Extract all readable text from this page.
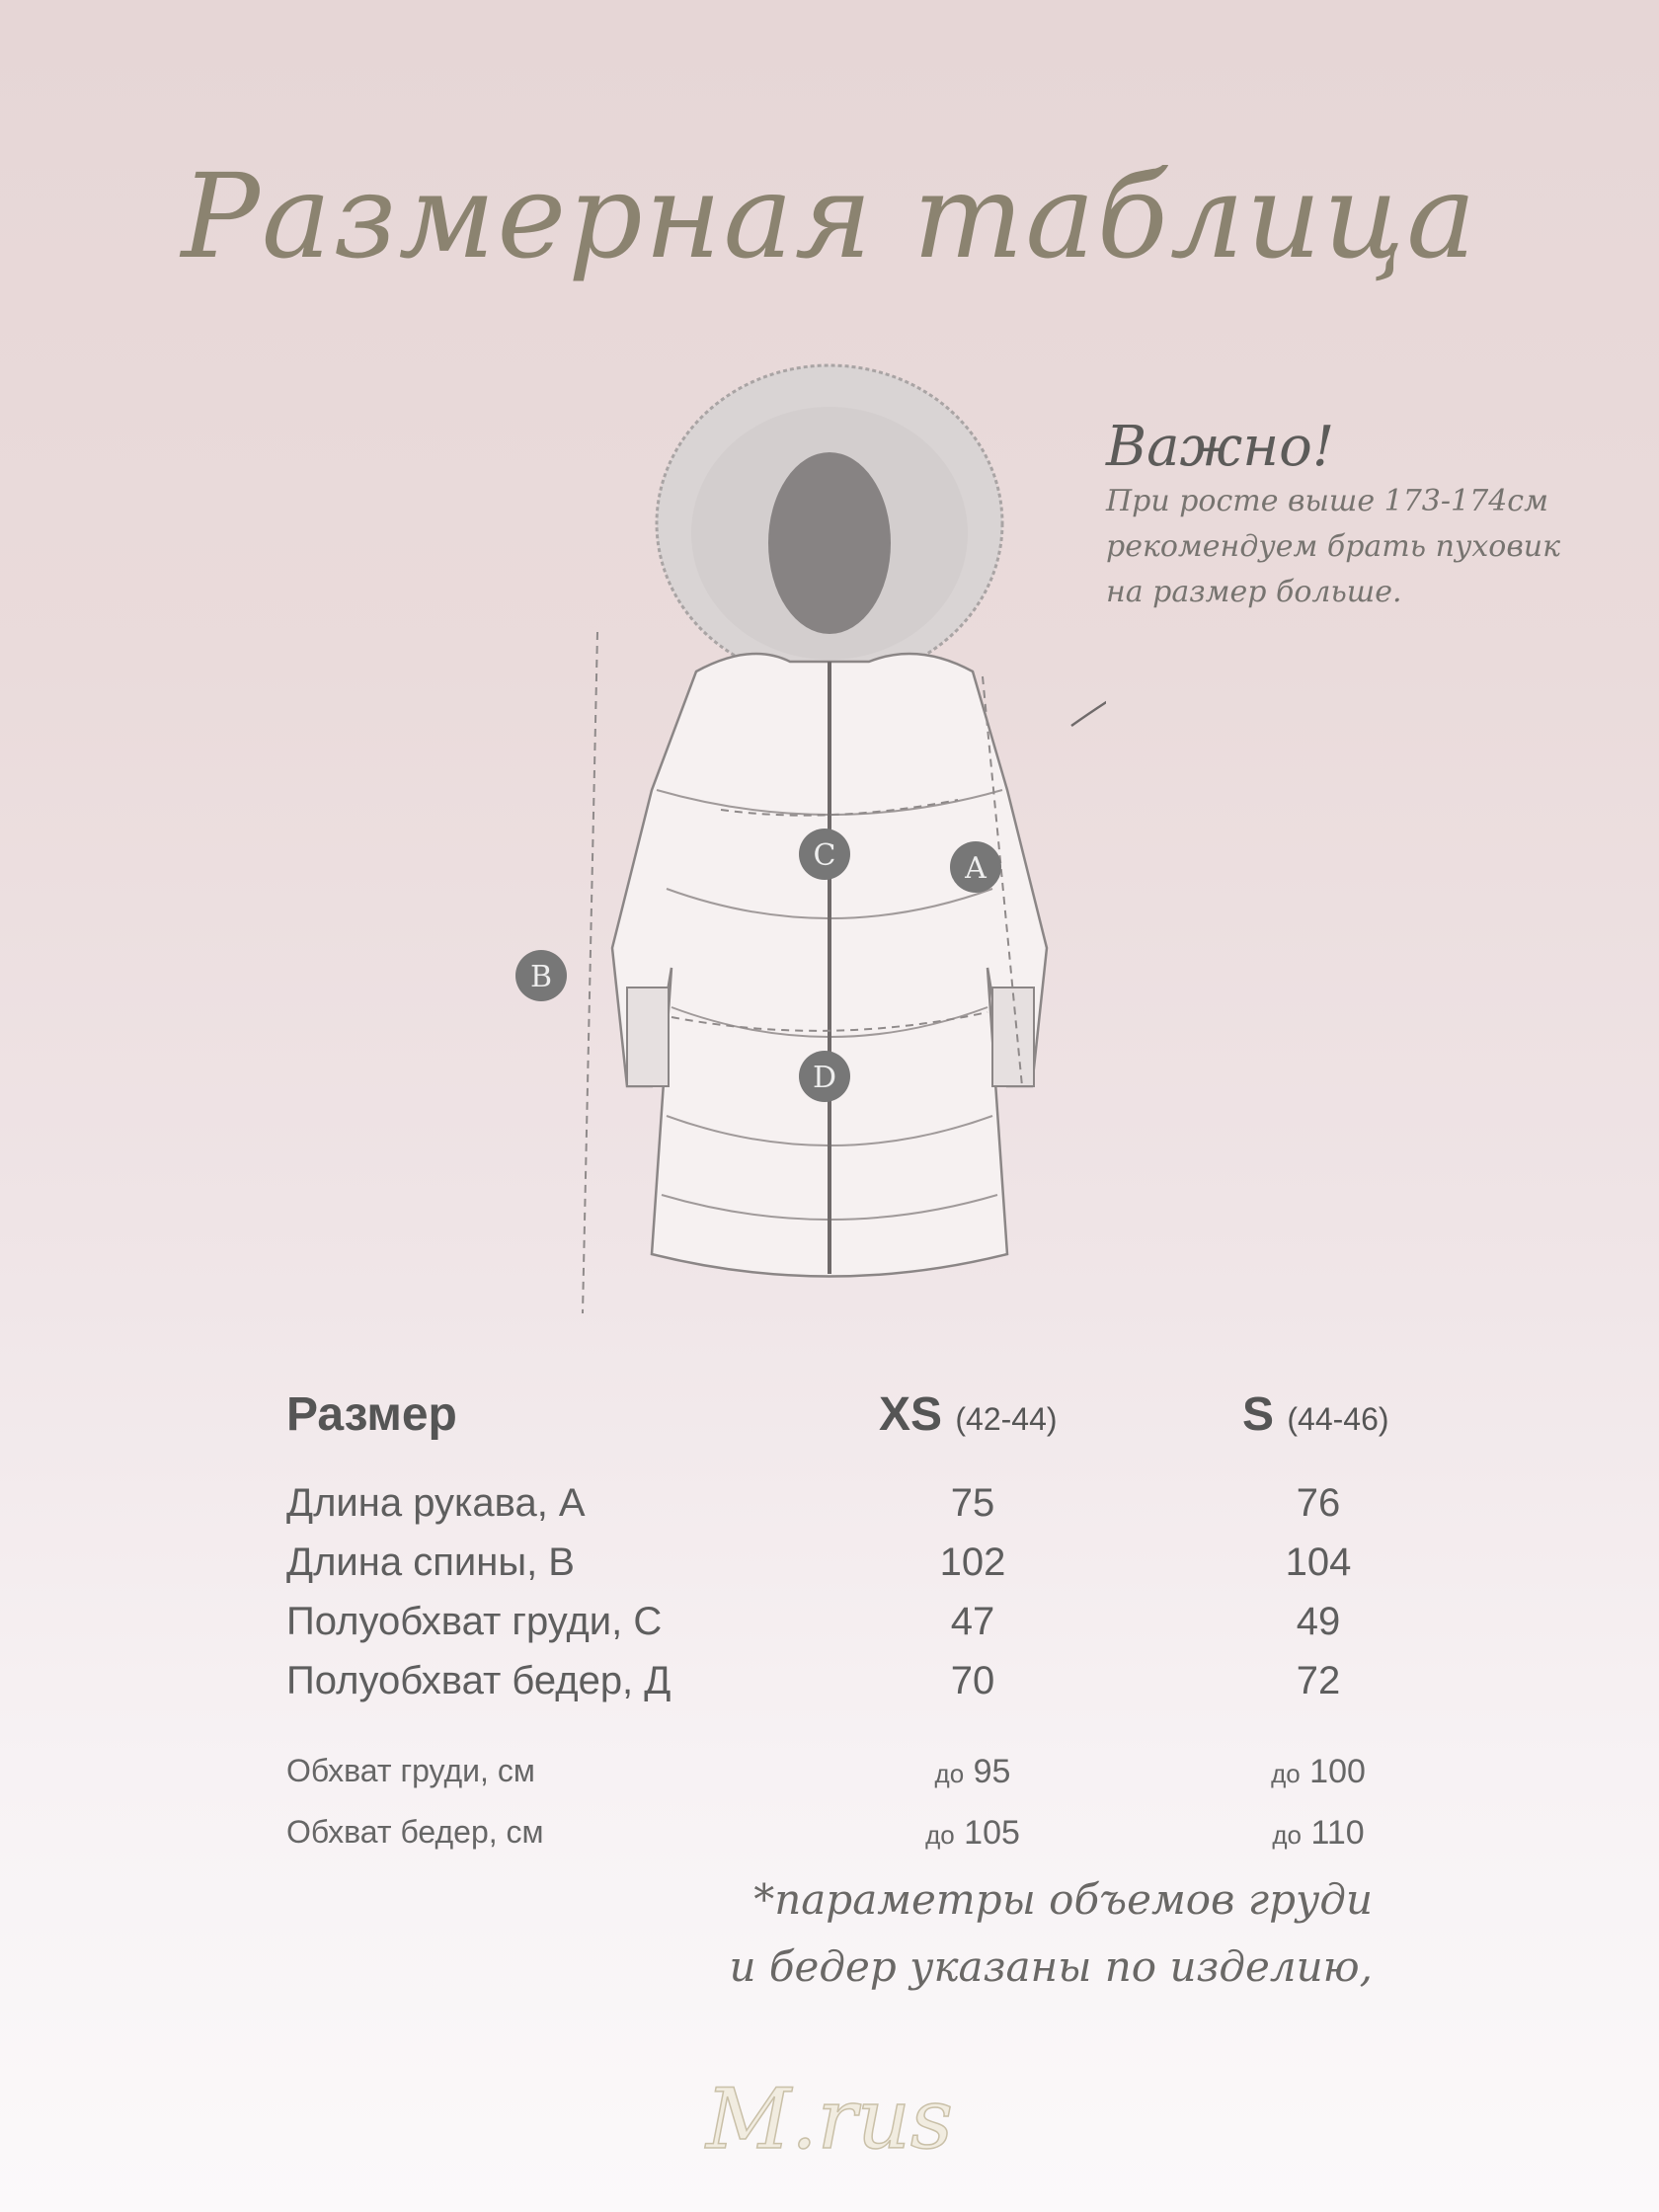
Размерная таблица
Важно!
При росте выше 173-174см
рекомендуем брать пуховик
на размер больше.
C	A
B
D
Размер	XS (42-44)	S (44-46)
Длина рукава, А	75	76
Длина спины, В	102	104
Полуобхват груди, С	47	49
Полуобхват бедер, Д	70	72
Обхват груди, см	до 95	до 100
Обхват бедер, см	до 105	до 110
*параметры объемов груди
и бедер указаны по изделию,
M.rus
